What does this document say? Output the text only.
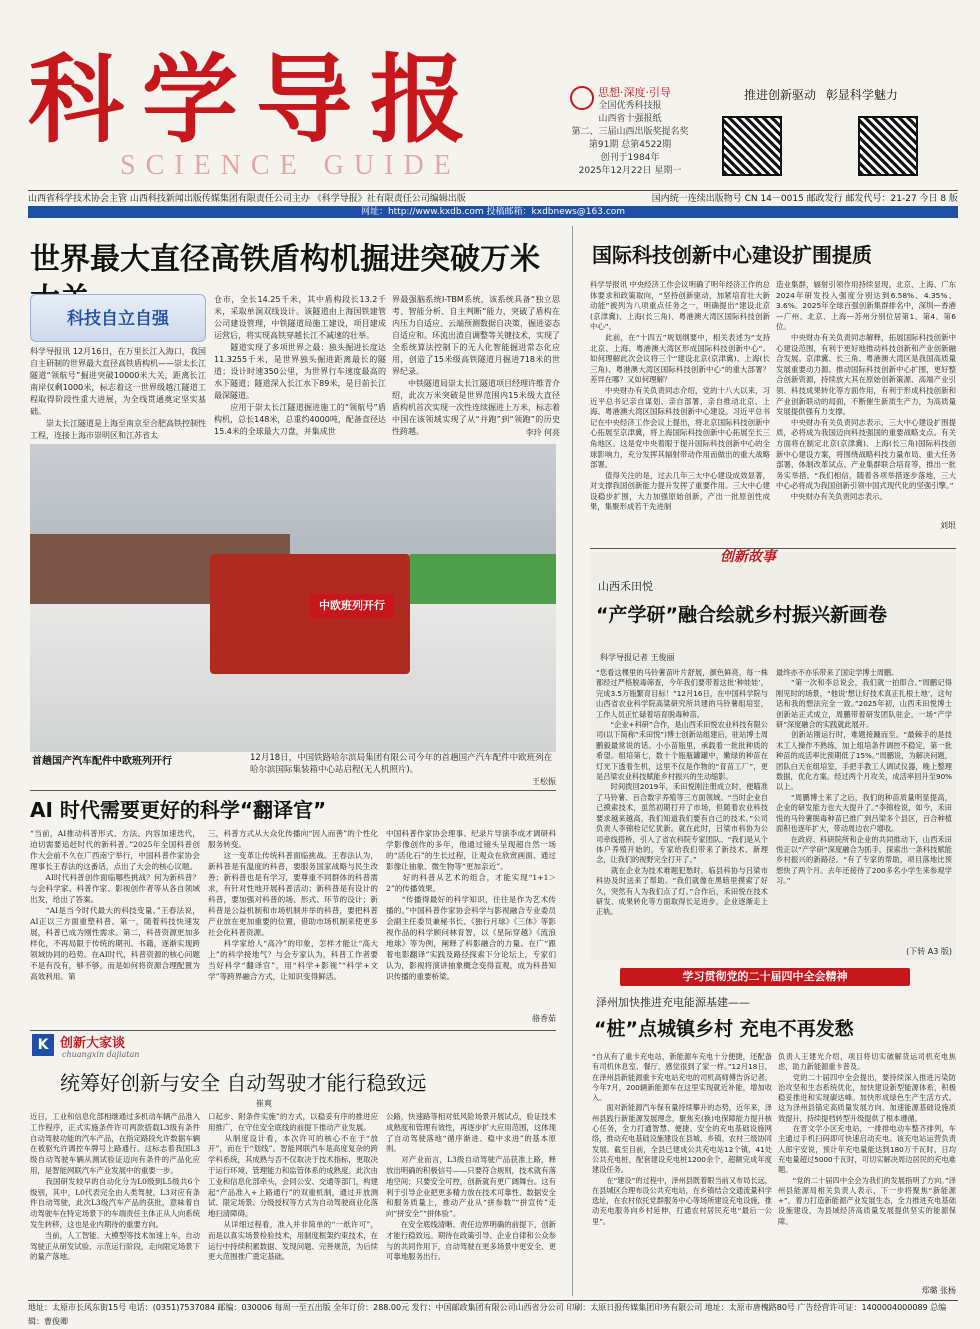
科学导报
SCIENCE GUIDE
思想·深度·引导
全国优秀科技报
山西省十强报纸
第二、三届山西出版奖提名奖
第91期 总第4522期
创刊于1984年
2025年12月22日 星期一
推进创新驱动 彰显科学魅力
山西省科学技术协会主管 山西科技新闻出版传媒集团有限责任公司主办 《科学导报》社有限责任公司编辑出版	国内统一连续出版物号 CN 14－0015 邮政发行 邮发代号：21-27 今日 8 版
网址：http://www.kxdb.com 投稿邮箱：kxdbnews@163.com
世界最大直径高铁盾构机掘进突破万米
科技自立自强
科学导报讯 12月16日，在万里长江入海口，我国自主研制的世界最大直径高铁盾构机——崇太长江隧道“领航号”掘进突破10000米大关，距离长江南岸仅剩1000米，标志着这一世界级越江隧道工程取得阶段性重大进展，为全线贯通奠定坚实基础。
　　崇太长江隧道是上海至南京至合肥高铁控制性工程，连接上海市崇明区和江苏省太
仓市，全长14.25千米，其中盾构段长13.2千米，采取单洞双线设计。该隧道由上海国铁建管公司建设管理，中铁隧道局施工建设，项目建成运营后，将实现高铁穿越长江不减速的壮举。
　　隧道实现了多项世界之最：独头掘进长度达11.3255千米，是世界独头掘进距离最长的隧道；设计时速350公里，为世界行车速度最高的水下隧道；隧道深入长江水下89米，是目前长江最深隧道。
　　应用于崇太长江隧道掘进施工的“领航号”盾构机，总长148米，总重约4000吨，配备直径达15.4米的全球最大刀盘，并集成世
界最强脑系统I-TBM系统，该系统具备“独立思考、智能分析、自主判断”能力，突破了盾构在内压力自适应、云端预测数据自决策，掘进姿态自适应和。环流出渣自调整等关键技术，实现了全系统算法控制下的无人化智能掘进常态化应用，创造了15米级高铁隧道月掘进718米的世界纪录。
　　中铁隧道局崇太长江隧道项目经理许维青介绍，此次万米突破是世界范围内15米级大直径盾构机首次实现一次性连续掘进上万米，标志着中国在该领域实现了从“并跑”到“领跑”的历史性跨越。	李玲 何亮
中欧班列开行
首趟国产汽车配件中欧班列开行	12月18日，中国铁路哈尔滨局集团有限公司今年的首趟国产汽车配件中欧班列在哈尔滨国际集装箱中心站启程(无人机照片)。
王松振
AI 时代需要更好的科学“翻译官”
“当前，AI推动科普形式、方法、内容加速迭代，迫切需要追赶时代的新科普。”2025年全国科普创作大会前不久在广西南宁举行，中国科普作家协会理事长王春法的这番话，点出了大会的核心议题。
　　AI时代科普创作面临哪些挑战？何为新科普？与会科学家、科普作家、影视创作者等从各自领域出发，给出了答案。
　　“AI是当今时代最大的科技变量。”王春法说，AI正以三方面重塑科普。第一，随着科技快速发展，科普已成为刚性需求。第二，科普资源更加多样化，不再局限于传统的期刊、书籍，逐渐实现跨领域协同的趋势。在AI时代，科普资源的核心问题不是有没有，够不够，而是如何将资源合理配置为高效利用。第
三，科普方式从大众化传播向“因人而善”的个性化服务转变。
　　这一变革让传统科普面临挑战。王春法认为，新科普是有温度的科普，要服务国家战略与民生改善；新科普也是有学习，要尊重不同群体的科普需求，有针对性地开展科普活动；新科普是有设计的科普，要加强对科普的场、形式、环节的设计；新科普是公益机制和市场机制并举的科普，要把科普产业放在更加重要的位置，借助市场机制来使更多社会化科普资源。
　　科学家给人“高冷”的印象，怎样才能让“高大上”的科学接地气？与会专家认为，科普工作者要当好科学“翻译官”，用“科学+影视”“科学+文学”等跨界融合方式，让知识变得鲜活。
中国科普作家协会理事、纪录片导演李成才调研科学影像创作的多年，他通过镜头呈现超自然一场的“活化石”的生长过程，让观众在欣赏画面、通过影像让抽象、微生物等“更加亲近”。
　　好的科普从艺术的组合，才能实现“1+1＞2”的传播效果。
　　“传播得最好的科学知识，往往是作为艺术传播的。”中国科普作家协会科学与影视融合专业委员会副主任委员兼秘书长、《独行月球》《三体》等影视作品的科学顾问林育智，以《星际穿越》《流浪地球》等为例，阐释了科影融合的力量。在广“跟着电影翻译”实践及路径探索下分论坛上，专家们认为，影视将演讲抽象概念变得直观，成为科普知识传播的重要桥梁。
骆香茹
K 创新大家谈
chuangxin dajiatan
统筹好创新与安全 自动驾驶才能行稳致远
崔爽
近日，工业和信息化部相继通过多机动车辆产品准入工作程序，正式实施条件许可两款搭载L3级有条件自动驾驶功能的汽车产品，在指定路段允许数据车辆在被驱允许调控车牌号上路通行。这标志着我国L3级自动驾驶车辆从测试验证迈向有条件的产品化应用，是智能网联汽车产业发展中的重要一步。
　　我国研发较早的自动化分为L0级到L5级共6个级别，其中，L0代表完全由人类驾驶，L3对应有条件自动驾驶，此次L3级汽车产品的获批，意味着自动驾驶车在特定场景下的车端责任主体正从人向系统发生转移，这也是业内期待的重要方向。
　　当前，人工智能、大模型等技术加速上车，自动驾驶正从研发试验、示范运行阶段，走向限定场景下的量产落地。
口起步、附条件实施”的方式，以稳妥有序的推进应用推广，在守住安全底线的前提下推动产业发展。
　　从制度设计看，本次许可的核心不在于“放开”，而在于“划线”。智能网联汽车是高度复杂的跨学科系统，其成熟与否不仅取决于技术指标，更取决于运行环境、管理能力和监管体系的成熟度。此次由工业和信息化部牵头，会同公安、交通等部门，构建起“产品准入+上路通行”的双重机制，通过开放测试、限定场景、分级授权等方式为自动驾驶商业化落地扫清障碍。
　　从详细过程看，准入并非简单的“一纸许可”，而是以真实场景检验技术，用制度框架约束技术，在运行中持续积累数据、发现问题、完善规范，为后续更大范围推广奠定基础。
公路，快速路等相对低风险场景开展试点，验证技术成熟度和管理有效性，再逐步扩大应用范围，这体现了自动驾驶落地“循序渐进、稳中求进”的基本原则。
　　对产业而言，L3级自动驾驶产品获准上路，释放出明确的积极信号——只要符合规则，技术就有落地空间；只要安全可控，创新就有更广阔舞台。这有利于引导企业把更多精力放在技术可靠性、数据安全和服务质量上，推动产业从“拼参数”“拼宣传”走向“拼安全”“拼体验”。
　　在安全底线清晰、责任边界明确的前提下，创新才能行稳致远。期待在政策引导、企业自律和公众参与的共同作用下，自动驾驶在更多场景中更安全、更可靠地服务出行。
国际科技创新中心建设扩围提质
科学导报讯 中央经济工作会议明确了明年经济工作的总体要求和政策取向，“坚持创新驱动，加紧培育壮大新动能”被列为八项重点任务之一，明确提出“建设北京(京津冀)、上海(长三角)、粤港澳大湾区国际科技创新中心”。
　　此前，在“十四五”规划纲要中，相关表述为“支持北京、上海、粤港澳大湾区形成国际科技创新中心”。如何理解此次会议将三个“建设北京(京津冀)、上海(长三角)、粤港澳大湾区国际科技创新中心”的重大部署？差异在哪？又如何理解？
　　中央财办有关负责同志介绍，党的十八大以来，习近平总书记亲自谋划、亲自部署、亲自推动北京、上海、粤港澳大湾区国际科技创新中心建设。习近平总书记在中央经济工作会议上提出，将北京国际科技创新中心拓展至京津冀，将上海国际科技创新中心拓展至长三角地区。这是党中央着眼于提升国际科技创新中心的全球影响力，充分发挥其辐射带动作用而做出的重大战略部署。
　　值得关注的是，过去几年三大中心建设成效显著，对支撑我国创新能力提升发挥了重要作用。三大中心建设稳步扩围，大力加强原始创新，产出一批原创性成果，集聚形成若干先进制
造业集群，辐射引领作用持续显现。北京、上海、广东2024年研发投入强度分别达到6.58%、4.35%、3.6%。2025年全球百强创新集群排名中，深圳—香港—广州、北京、上海—苏州分别位居第1、第4、第6位。
　　中央财办有关负责同志解释，拓展国际科技创新中心建设范围，有利于更好地推动科技创新和产业创新融合发展。京津冀、长三角、粤港澳大湾区是我国高质量发展重要动力源。推动国际科技创新中心扩围，更好整合创新资源，持续放大其在原始创新策源、高端产业引领、科技成果转化等方面作用，有利于形成科技创新和产业创新联动的局面，不断催生新质生产力，为高质量发展提供强有力支撑。
　　中央财办有关负责同志表示，三大中心建设扩围提质，必将成为我国迈向科技强国的重要战略支点。有关方面将在制定北京(京津冀)、上海(长三角)国际科技创新中心建设方案，将围绕战略科技力量布局、重大任务部署、体制改革试点、产业集群联合培育等，推出一批务实举措。“我们相信，随着各项举措逐步落地，三大中心必将成为我国创新引领中国式现代化的坚强引擎。”
　　中央财办有关负责同志表示。
刘垠
创新故事
山西禾田悦
“产学研”融合绘就乡村振兴新画卷
科学导报记者 王俊丽
“您看这棵里的马铃薯苗叶片舒展，颜色鲜亮，每一株都经过严格脱毒筛查，今年我们要带着这批‘种娃娃’，完成3.5万瓶繁育目标！”12月16日，在中国科学院与山西省农业科学院高粱研究所共建的马铃薯组培室，工作人员正忙碌着培育脱毒种苗。
　　“企业+科研”合作，是山西禾田悦农业科技有限公司(以下简称“禾田悦”)博士创新站组建后，驻站博士周鹏毅最常说的话。小小苗瓶里，承载着一批批种质的希望。组培第七，数十个瓶瓶罐罐中，嫩绿的种苗在灯光下透着生机，这里不仅是作物的“育苗工厂”，更是吕梁农业科技赋能乡村振兴的生动缩影。
　　时间拨回2019年，禾田悦刚注册成立时，便瞄准了马铃薯、百合数字养殖等三方面领域。“当时企业自己摸索技术，虽然初期打开了市场，但随着农业科技要求越来越高，我们知道我们要有自己的技术。”公司负责人李锦栓记忆犹新。就在此时，吕梁市科协为公司牵线搭桥，引入了省农科院专家团队。“我们是从个体户养殖开始的，专家给我们带来了新技术、新理念，让我们的视野完全打开了。”
　　就在企业为技术难题犯愁时，临县科协与吕梁市科协及时送来了帮助。“我们就像在黑暗里摸索了好久，突然有人为我们点了灯。”合作后，禾田悦在技术研发、成果转化等方面取得长足进步，企业逐渐走上正轨。
最终亦不亦乐带来了国定学博士周鹏。
　　“第一次和李总说会，我们就一拍即合。”周鹏记得刚见时的场景，“他说‘想让好技术真正扎根土地’，这句话和我的想法完全一致。”2025年初，山西禾田悦博士创新站正式成立，周鹏带着研发团队驻企，一场“产学研”深度融合的实践就此展开。
　　创新站刚运行时，难题接踵而至。“最棘手的是技术工人操作不熟练，加上组培条件调控不稳定，第一批种苗的成活率比预期低了15%。”周鹏说，为解决问题，团队白天在组培室，手把手教工人调试仪器，晚上整理数据，优化方案。经过两个月攻关，成活率回升至90%以上。
　　“周鹏博士来了之后，我们的种苗质量明显提高，企业的研发能力也大大提升了。”李锦栓说，如今，禾田悦的马铃薯脱毒种苗已推广到吕梁多个县区，百合种植面积也逐年扩大，带动周边农户增收。
　　在政府、科研院所和企业的共同推动下，山西禾田悦正以“产学研”深度融合为抓手，探索出一条科技赋能乡村振兴的新路径。“有了专家的帮助，项目落地比预想快了两个月。去年还接待了200多名小学生来参观学习。”
(下转 A3 版)
学习贯彻党的二十届四中全会精神
泽州加快推进充电能源基建——
“桩”点城镇乡村 充电不再发愁
“自从有了重卡充电站，新能源车充电十分便捷，还配备有司机休息室、餐厅，感觉很到了家一样。”12月18日，在泽州县新能源重卡充电站充电的司机高师傅告诉记者，今年7月，200辆新能源车在这里实现就近补能，增加收入。
　　面对新能源汽车保有量持续攀升的态势，近年来，泽州县践行新能源发展理念，聚焦充(换)电保障能力提升核心任务，全力打通智慧、便捷、安全的充电基础设施网络，推动充电基础设施建设在县城、乡镇、农村三级协同发展。截至目前，全县已建成公共充电站12个镇，41处公共充电桩，配套建设充电桩1200余个，超额完成年度建设任务。
　　在“建设”的过程中，泽州县既着眼当前又布局长远，在县城区合理布设公共充电站，在乡镇结合交通流量科学选址，在农村依托党群服务中心等场所建设充电设施，推动充电服务向乡村延伸，打通农村居民充电“最后一公里”。
负责人王建光介绍，项目将切实破解货运司机充电焦虑，助力新能源重卡普及。
　　党的二十届四中全会提出，要持续深入推进污染防治攻坚和生态系统优化，加快建设新型能源体系，积极稳妥推进和实现碳达峰。加快形成绿色生产生活方式。这为泽州县锚定高质量发展方向、加速能源基础设施质效提升，持续提档转型升级提供了根本遵循。
　　在晋文学小区充电站，一排排电动车整齐排列，车主通过手机扫码即可快速启动充电。该充电站运营负责人郎宇安说，预计年充电量能达到180万千瓦时，日均充电量超过5000千瓦时，可切实解决周边居民的充电难题。
　　“党的二十届四中全会为我们的发展指明了方向。”泽州县能源局相关负责人表示，下一步将聚焦“新能源+”，着力打造新能源产业发展生态，全力推进充电基础设施建设，为县域经济高质量发展提供坚实的能源保障。
郑璐 张杨
地址：太原市长风东街15号 电话：(0351)7537084 邮编：030006 每周一至五出版 全年订价：288.00元 发行：中国邮政集团有限公司山西省分公司 印刷：太原日报传媒集团印务有限公司 地址：太原市唐槐路80号 广告经营许可证：1400004000089 总编辑：曹俊卿
